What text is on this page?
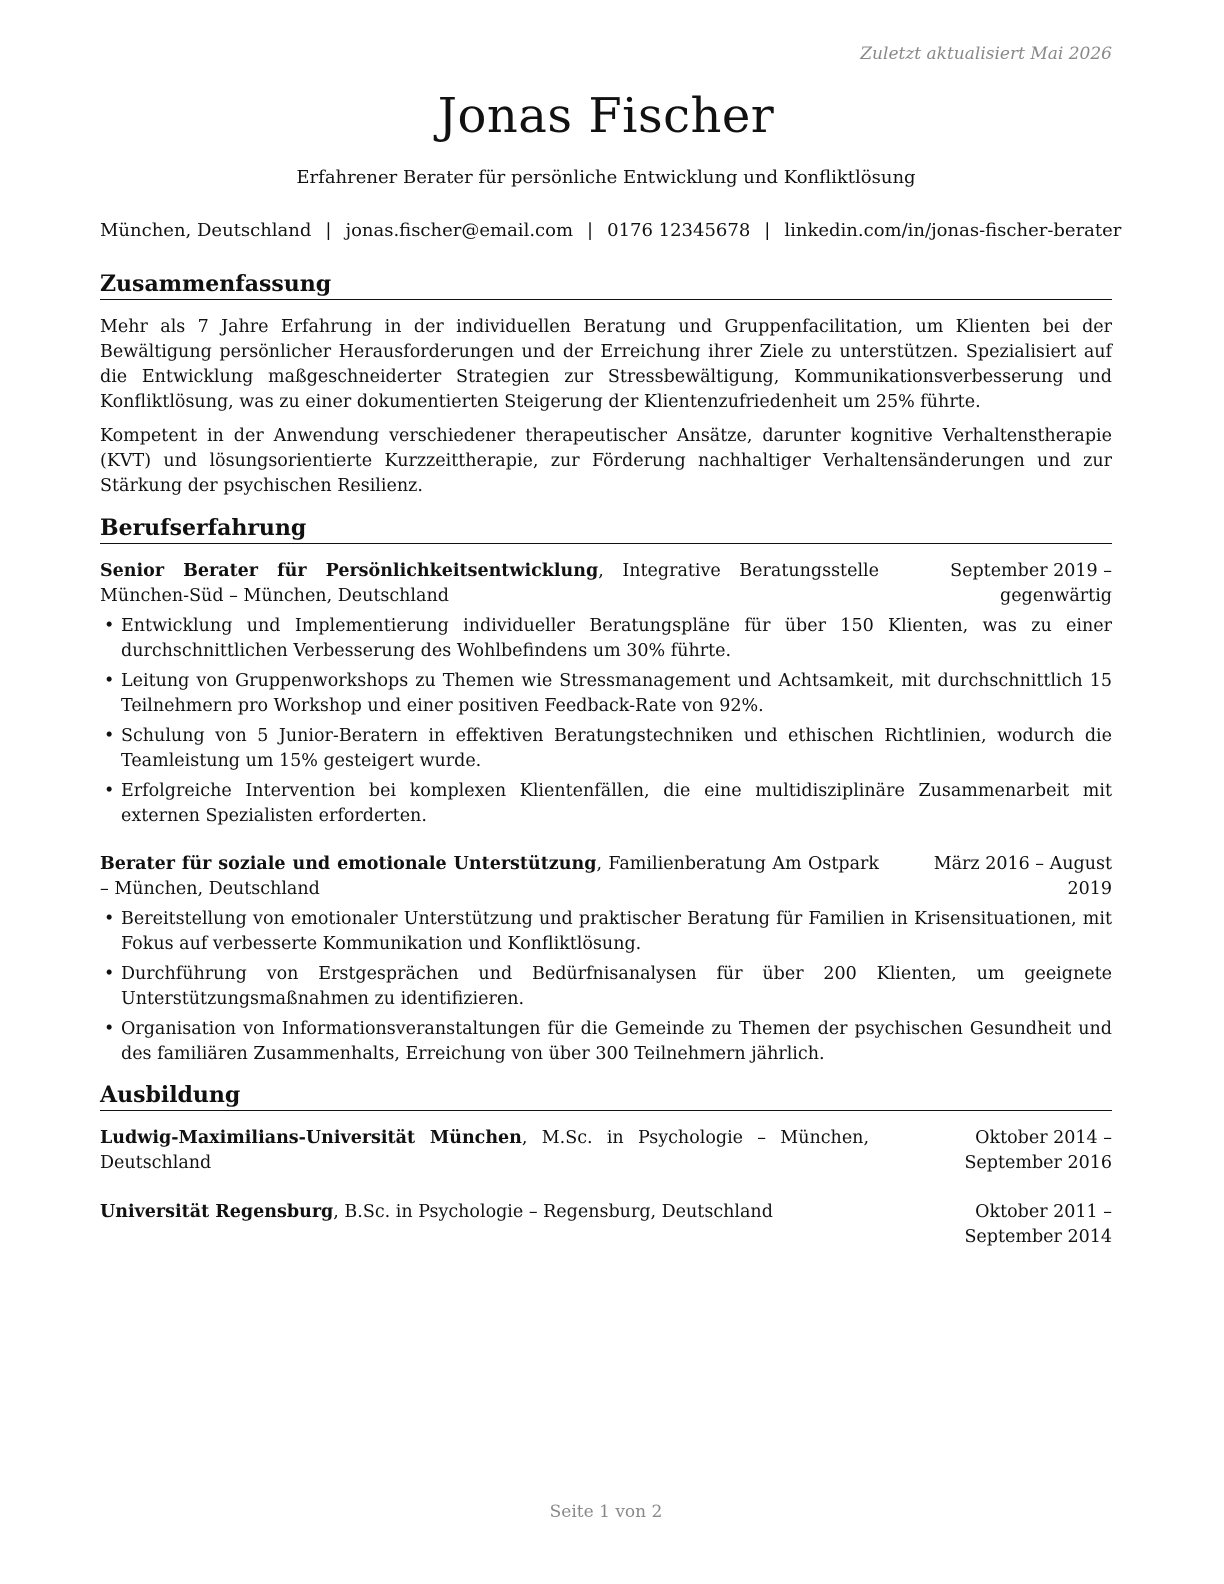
Zuletzt aktualisiert Mai 2026
Jonas Fischer
Erfahrener Berater für persönliche Entwicklung und Konfliktlösung
München, Deutschland | jonas.fischer@email.com | 0176 12345678 | linkedin.com/in/jonas-fischer-berater
Zusammenfassung

Mehr als 7 Jahre Erfahrung in der individuellen Beratung und Gruppenfacilitation, um Klienten bei der Bewältigung persönlicher Herausforderungen und der Erreichung ihrer Ziele zu unterstützen. Spezialisiert auf die Entwicklung maßgeschneiderter Strategien zur Stressbewältigung, Kommunikationsverbesserung und Konfliktlösung, was zu einer dokumentierten Steigerung der Klientenzufriedenheit um 25% führte.

Kompetent in der Anwendung verschiedener therapeutischer Ansätze, darunter kognitive Verhaltenstherapie (KVT) und lösungsorientierte Kurzzeittherapie, zur Förderung nachhaltiger Verhaltensänderungen und zur Stärkung der psychischen Resilienz.

Berufserfahrung
Senior Berater für Persönlichkeitsentwicklung, Integrative Beratungsstelle München-Süd – München, Deutschland
September 2019 – gegenwärtig
• Entwicklung und Implementierung individueller Beratungspläne für über 150 Klienten, was zu einer durchschnittlichen Verbesserung des Wohlbefindens um 30% führte.
• Leitung von Gruppenworkshops zu Themen wie Stressmanagement und Achtsamkeit, mit durchschnittlich 15 Teilnehmern pro Workshop und einer positiven Feedback-Rate von 92%.
• Schulung von 5 Junior-Beratern in effektiven Beratungstechniken und ethischen Richtlinien, wodurch die Teamleistung um 15% gesteigert wurde.
• Erfolgreiche Intervention bei komplexen Klientenfällen, die eine multidisziplinäre Zusammenarbeit mit externen Spezialisten erforderten.
Berater für soziale und emotionale Unterstützung, Familienberatung Am Ostpark – München, Deutschland
März 2016 – August 2019
• Bereitstellung von emotionaler Unterstützung und praktischer Beratung für Familien in Krisensituationen, mit Fokus auf verbesserte Kommunikation und Konfliktlösung.
• Durchführung von Erstgesprächen und Bedürfnisanalysen für über 200 Klienten, um geeignete Unterstützungsmaßnahmen zu identifizieren.
• Organisation von Informationsveranstaltungen für die Gemeinde zu Themen der psychischen Gesundheit und des familiären Zusammenhalts, Erreichung von über 300 Teilnehmern jährlich.
Ausbildung
Ludwig-Maximilians-Universität München, M.Sc. in Psychologie – München, Deutschland
Oktober 2014 – September 2016
Universität Regensburg, B.Sc. in Psychologie – Regensburg, Deutschland	Oktober 2011 – September 2014
Seite 1 von 2
